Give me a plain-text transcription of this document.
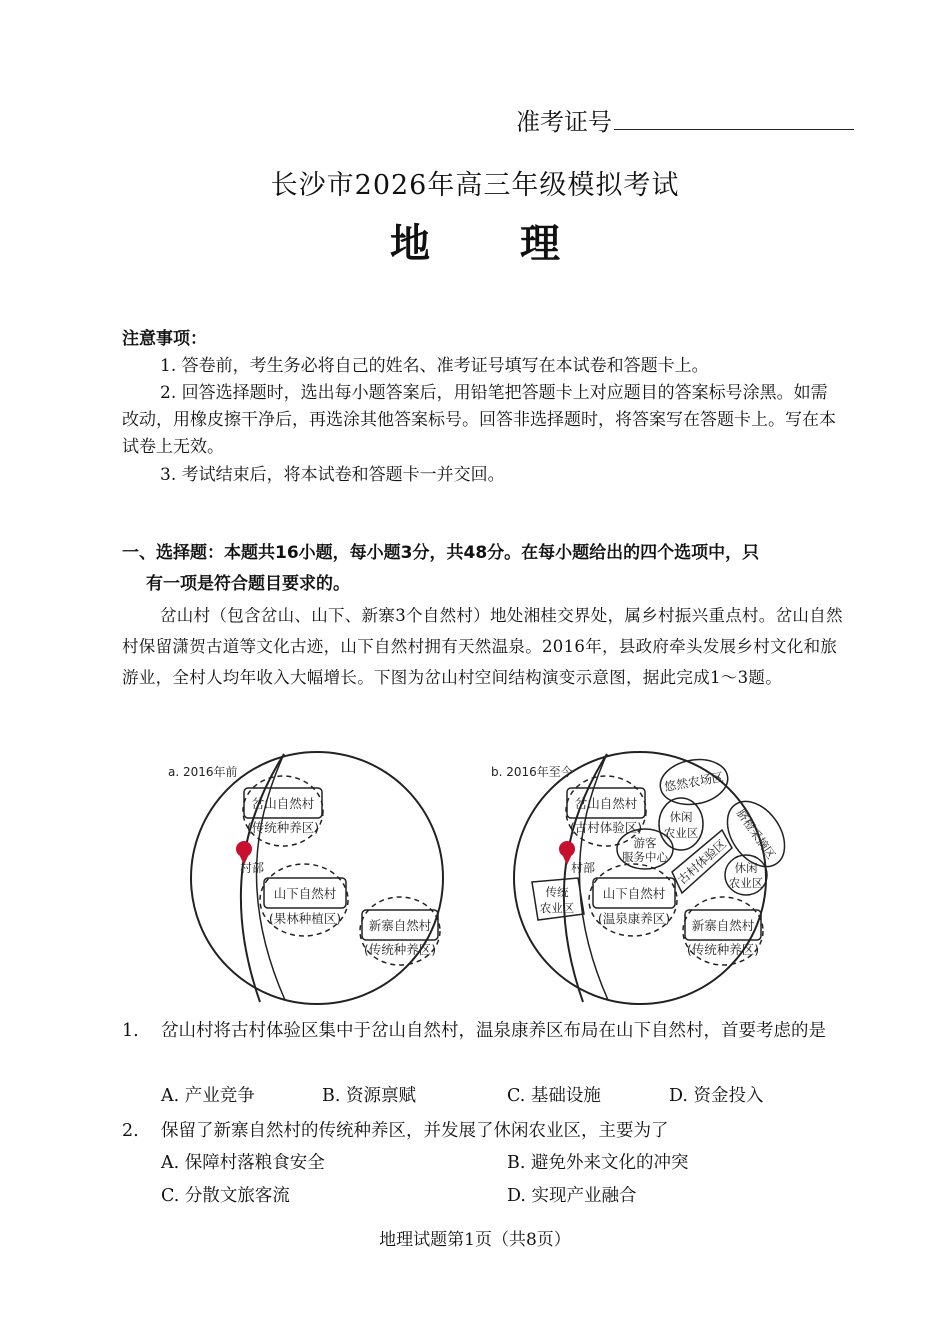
准考证号
长沙市2026年高三年级模拟考试
地 理
注意事项：
1. 答卷前，考生务必将自己的姓名、准考证号填写在本试卷和答题卡上。
2. 回答选择题时，选出每小题答案后，用铅笔把答题卡上对应题目的答案标号涂黑。如需改动，用橡皮擦干净后，再选涂其他答案标号。回答非选择题时，将答案写在答题卡上。写在本试卷上无效。
3. 考试结束后，将本试卷和答题卡一并交回。
一、选择题：本题共16小题，每小题3分，共48分。在每小题给出的四个选项中，只
有一项是符合题目要求的。
岔山村（包含岔山、山下、新寨3个自然村）地处湘桂交界处，属乡村振兴重点村。岔山自然村保留潇贺古道等文化古迹，山下自然村拥有天然温泉。2016年，县政府牵头发展乡村文化和旅游业，全村人均年收入大幅增长。下图为岔山村空间结构演变示意图，据此完成1～3题。
a. 2016年前
村部
岔山自然村
(传统种养区)
山下自然村
(果林种植区) 新寨自然村
(传统种养区)
b. 2016年至今
村部
岔山自然村
(古村体验区)
山下自然村
(温泉康养区) 新寨自然村
(传统种养区)
悠然农场区
休闲
农业区	脐橙采摘区
游客
服务中心 古村体验区 休闲
农业区
传统
农业区
1. 岔山村将古村体验区集中于岔山自然村，温泉康养区布局在山下自然村，首要考虑的是
A. 产业竞争	B. 资源禀赋	C. 基础设施	D. 资金投入
2. 保留了新寨自然村的传统种养区，并发展了休闲农业区，主要为了
A. 保障村落粮食安全	B. 避免外来文化的冲突
C. 分散文旅客流	D. 实现产业融合
地理试题第1页（共8页）
